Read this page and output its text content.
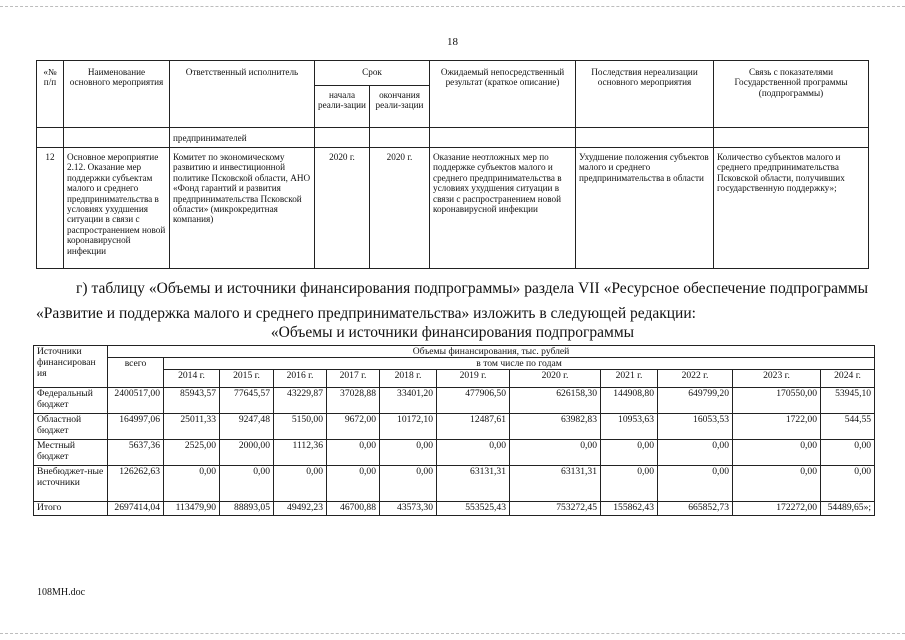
18
«№ п/п	Наименование основного мероприятия	Ответственный исполнитель	Срок		Ожидаемый непосредственный результат (краткое описание)	Последствия нереализации основного мероприятия	Связь с показателями Государственной программы (подпрограммы)
			начала реали-зации	окончания реали-зации			
		предпринимателей					
12	Основное мероприятие 2.12. Оказание мер поддержки субъектам малого и среднего предпринимательства в условиях ухудшения ситуации в связи с распространением новой коронавирусной инфекции	Комитет по экономическому развитию и инвестиционной политике Псковской области, АНО «Фонд гарантий и развития предпринимательства Псковской области» (микрокредитная компания)	2020 г.	2020 г.	Оказание неотложных мер по поддержке субъектов малого и среднего предпринимательства в условиях ухудшения ситуации в связи с распространением новой коронавирусной инфекции	Ухудшение положения субъектов малого и среднего предпринимательства в области	Количество субъектов малого и среднего предпринимательства Псковской области, получивших государственную поддержку»;

г) таблицу «Объемы и источники финансирования подпрограммы» раздела VII «Ресурсное обеспечение подпрограммы «Развитие и поддержка малого и среднего предпринимательства» изложить в следующей редакции:

«Объемы и источники финансирования подпрограммы

Источники финансирован ия	Объемы финансирования, тыс. рублей											
	всего	в том числе по годам										
		2014 г.	2015 г.	2016 г.	2017 г.	2018 г.	2019 г.	2020 г.	2021 г.	2022 г.	2023 г.	2024 г.
Федеральный бюджет	2400517,00	85943,57	77645,57	43229,87	37028,88	33401,20	477906,50	626158,30	144908,80	649799,20	170550,00	53945,10
Областной бюджет	164997,06	25011,33	9247,48	5150,00	9672,00	10172,10	12487,61	63982,83	10953,63	16053,53	1722,00	544,55
Местный бюджет	5637,36	2525,00	2000,00	1112,36	0,00	0,00	0,00	0,00	0,00	0,00	0,00	0,00
Внебюджет-ные источники	126262,63	0,00	0,00	0,00	0,00	0,00	63131,31	63131,31	0,00	0,00	0,00	0,00
Итого	2697414,04	113479,90	88893,05	49492,23	46700,88	43573,30	553525,43	753272,45	155862,43	665852,73	172272,00	54489,65»;
108МН.doc
